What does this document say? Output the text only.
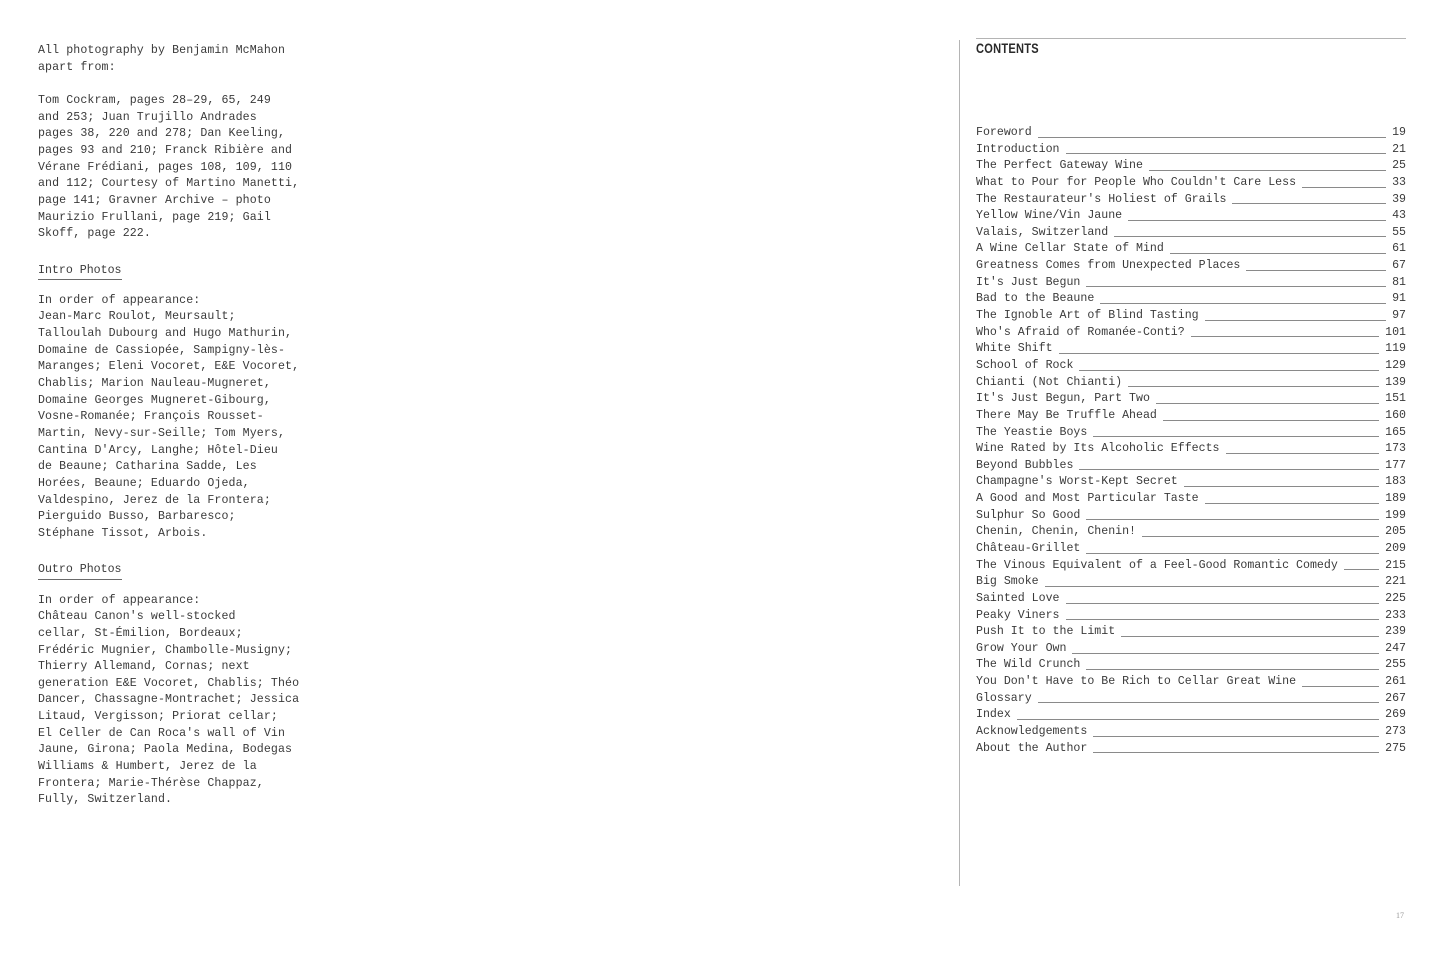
All photography by Benjamin McMahon
apart from:
Tom Cockram, pages 28–29, 65, 249
and 253; Juan Trujillo Andrades
pages 38, 220 and 278; Dan Keeling,
pages 93 and 210; Franck Ribière and
Vérane Frédiani, pages 108, 109, 110
and 112; Courtesy of Martino Manetti,
page 141; Gravner Archive – photo
Maurizio Frullani, page 219; Gail
Skoff, page 222.
Intro Photos
In order of appearance:
Jean-Marc Roulot, Meursault;
Talloulah Dubourg and Hugo Mathurin,
Domaine de Cassiopée, Sampigny-lès-
Maranges; Eleni Vocoret, E&E Vocoret,
Chablis; Marion Nauleau-Mugneret,
Domaine Georges Mugneret-Gibourg,
Vosne-Romanée; François Rousset-
Martin, Nevy-sur-Seille; Tom Myers,
Cantina D'Arcy, Langhe; Hôtel-Dieu
de Beaune; Catharina Sadde, Les
Horées, Beaune; Eduardo Ojeda,
Valdespino, Jerez de la Frontera;
Pierguido Busso, Barbaresco;
Stéphane Tissot, Arbois.
Outro Photos
In order of appearance:
Château Canon's well-stocked
cellar, St-Émilion, Bordeaux;
Frédéric Mugnier, Chambolle-Musigny;
Thierry Allemand, Cornas; next
generation E&E Vocoret, Chablis; Théo
Dancer, Chassagne-Montrachet; Jessica
Litaud, Vergisson; Priorat cellar;
El Celler de Can Roca's wall of Vin
Jaune, Girona; Paola Medina, Bodegas
Williams & Humbert, Jerez de la
Frontera; Marie-Thérèse Chappaz,
Fully, Switzerland.
CONTENTS
Foreword	19
Introduction	21
The Perfect Gateway Wine	25
What to Pour for People Who Couldn't Care Less	33
The Restaurateur's Holiest of Grails	39
Yellow Wine/Vin Jaune	43
Valais, Switzerland	55
A Wine Cellar State of Mind	61
Greatness Comes from Unexpected Places	67
It's Just Begun	81
Bad to the Beaune	91
The Ignoble Art of Blind Tasting	97
Who's Afraid of Romanée-Conti?	101
White Shift	119
School of Rock	129
Chianti (Not Chianti)	139
It's Just Begun, Part Two	151
There May Be Truffle Ahead	160
The Yeastie Boys	165
Wine Rated by Its Alcoholic Effects	173
Beyond Bubbles	177
Champagne's Worst-Kept Secret	183
A Good and Most Particular Taste	189
Sulphur So Good	199
Chenin, Chenin, Chenin!	205
Château-Grillet	209
The Vinous Equivalent of a Feel-Good Romantic Comedy	215
Big Smoke	221
Sainted Love	225
Peaky Viners	233
Push It to the Limit	239
Grow Your Own	247
The Wild Crunch	255
You Don't Have to Be Rich to Cellar Great Wine	261
Glossary	267
Index	269
Acknowledgements	273
About the Author	275
17
